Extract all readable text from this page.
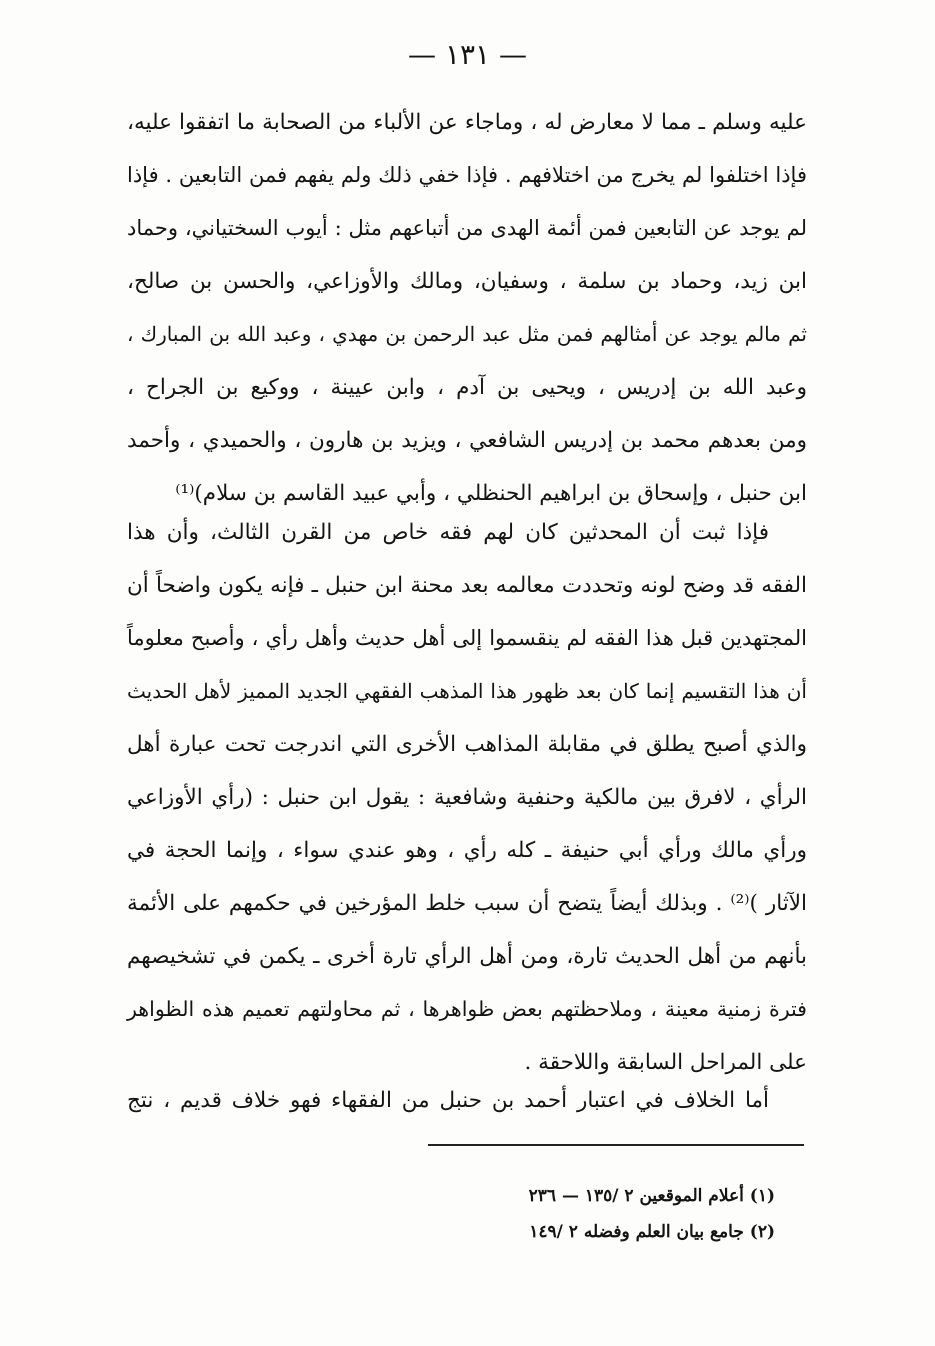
— ١٣١ —
عليه وسلم ـ مما لا معارض له ، وماجاء عن الألباء من الصحابة ما اتفقوا عليه،
فإذا اختلفوا لم يخرج من اختلافهم . فإذا خفي ذلك ولم يفهم فمن التابعين . فإذا
لم يوجد عن التابعين فمن أئمة الهدى من أتباعهم مثل : أيوب السختياني، وحماد
ابن زيد، وحماد بن سلمة ، وسفيان، ومالك والأوزاعي، والحسن بن صالح،
ثم مالم يوجد عن أمثالهم فمن مثل عبد الرحمن بن مهدي ، وعبد الله بن المبارك ،
وعبد الله بن إدريس ، ويحيى بن آدم ، وابن عيينة ، ووكيع بن الجراح ،
ومن بعدهم محمد بن إدريس الشافعي ، ويزيد بن هارون ، والحميدي ، وأحمد
ابن حنبل ، وإسحاق بن ابراهيم الحنظلي ، وأبي عبيد القاسم بن سلام)⁽¹⁾
فإذا ثبت أن المحدثين كان لهم فقه خاص من القرن الثالث، وأن هذا
الفقه قد وضح لونه وتحددت معالمه بعد محنة ابن حنبل ـ فإنه يكون واضحاً أن
المجتهدين قبل هذا الفقه لم ينقسموا إلى أهل حديث وأهل رأي ، وأصبح معلوماً
أن هذا التقسيم إنما كان بعد ظهور هذا المذهب الفقهي الجديد المميز لأهل الحديث
والذي أصبح يطلق في مقابلة المذاهب الأخرى التي اندرجت تحت عبارة أهل
الرأي ، لافرق بين مالكية وحنفية وشافعية : يقول ابن حنبل : (رأي الأوزاعي
ورأي مالك ورأي أبي حنيفة ـ كله رأي ، وهو عندي سواء ، وإنما الحجة في
الآثار )⁽²⁾ . وبذلك أيضاً يتضح أن سبب خلط المؤرخين في حكمهم على الأئمة
بأنهم من أهل الحديث تارة، ومن أهل الرأي تارة أخرى ـ يكمن في تشخيصهم
فترة زمنية معينة ، وملاحظتهم بعض ظواهرها ، ثم محاولتهم تعميم هذه الظواهر
على المراحل السابقة واللاحقة .
أما الخلاف في اعتبار أحمد بن حنبل من الفقهاء فهو خلاف قديم ، نتج
(١) أعلام الموقعين ٢ /١٣٥ — ٢٣٦
(٢) جامع بيان العلم وفضله ٢ /١٤٩
